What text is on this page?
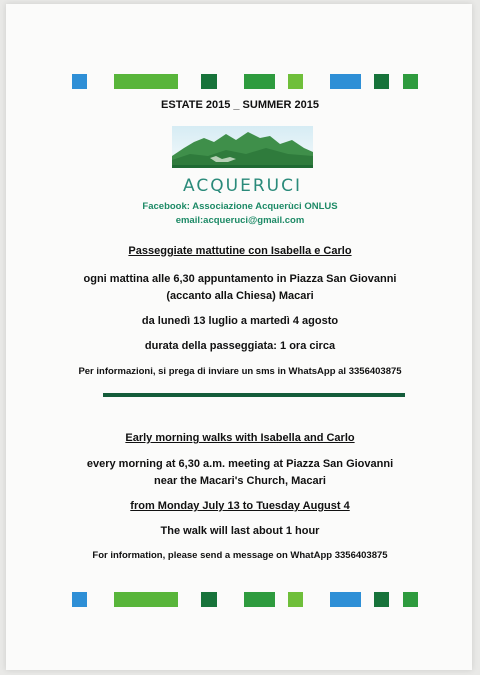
ESTATE 2015 _ SUMMER 2015
ACQUERUCI
Facebook: Associazione Acquerùci ONLUS
email:acqueruci@gmail.com
Passeggiate mattutine con Isabella e Carlo
ogni mattina alle 6,30 appuntamento in Piazza San Giovanni
(accanto alla Chiesa) Macari
da lunedì 13 luglio a martedì 4 agosto
durata della passeggiata: 1 ora circa
Per informazioni, si prega di inviare un sms in WhatsApp al 3356403875
Early morning walks with Isabella and Carlo
every morning at 6,30 a.m. meeting at Piazza San Giovanni
near the Macari's Church, Macari
from Monday July 13 to Tuesday August 4
The walk will last about 1 hour
For information, please send a message on WhatApp 3356403875
